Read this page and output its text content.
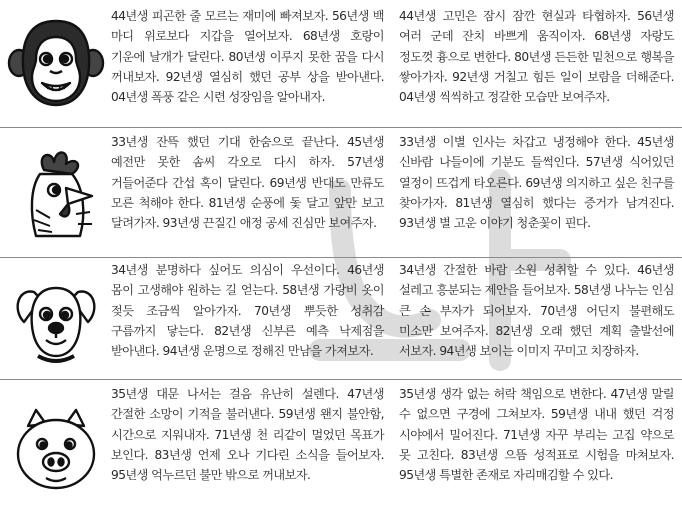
44년생 피곤한 줄 모르는 재미에 빠져보자. 56년생 백 마디 위로보다 지갑을 열어보자. 68년생 호랑이 기운에 날개가 달린다. 80년생 이루지 못한 꿈을 다시 꺼내보자. 92년생 열심히 했던 공부 상을 받아낸다. 04년생 폭풍 같은 시련 성장임을 알아내자.

44년생 고민은 잠시 잠깐 현실과 타협하자. 56년생 여러 군데 잔치 바쁘게 움직이자. 68년생 자랑도 정도껏 흉으로 변한다. 80년생 든든한 밑천으로 행복을 쌓아가자. 92년생 거칠고 힘든 일이 보람을 더해준다. 04년생 씩씩하고 정갈한 모습만 보여주자.

33년생 잔뜩 했던 기대 한숨으로 끝난다. 45년생 예전만 못한 솜씨 각오로 다시 하자. 57년생 거들어준다 간섭 혹이 달린다. 69년생 반대도 만류도 모른 척해야 한다. 81년생 순풍에 돛 달고 앞만 보고 달려가자. 93년생 끈질긴 애정 공세 진심만 보여주자.

33년생 이별 인사는 차갑고 냉정해야 한다. 45년생 신바람 나들이에 기분도 들썩인다. 57년생 식어있던 열정이 뜨겁게 타오른다. 69년생 의지하고 싶은 친구를 찾아가자. 81년생 열심히 했다는 증거가 남겨진다. 93년생 별 고운 이야기 청춘꽃이 핀다.

34년생 분명하다 싶어도 의심이 우선이다. 46년생 몸이 고생해야 원하는 길 얻는다. 58년생 가랑비 옷이 젖듯 조금씩 알아가자. 70년생 뿌듯한 성취감 구름까지 닿는다. 82년생 신부른 예측 낙제점을 받아낸다. 94년생 운명으로 정해진 만남을 가져보자.

34년생 간절한 바람 소원 성취할 수 있다. 46년생 설레고 흥분되는 제안을 들어보자. 58년생 나누는 인심 큰 손 부자가 되어보자. 70년생 어딘지 불편해도 미소만 보여주자. 82년생 오래 했던 계획 출발선에 서보자. 94년생 보이는 이미지 꾸미고 치장하자.

35년생 대문 나서는 걸음 유난히 설렌다. 47년생 간절한 소망이 기적을 불러낸다. 59년생 왠지 불안함, 시간으로 지워내자. 71년생 천 리같이 멀었던 목표가 보인다. 83년생 언제 오나 기다린 소식을 들어보자. 95년생 억누르던 불만 밖으로 꺼내보자.

35년생 생각 없는 허락 책임으로 변한다. 47년생 말릴 수 없으면 구경에 그쳐보자. 59년생 내내 했던 걱정 시야에서 밀어진다. 71년생 자꾸 부리는 고집 약으로 못 고친다. 83년생 으뜸 성적표로 시험을 마쳐보자. 95년생 특별한 존재로 자리매김할 수 있다.
